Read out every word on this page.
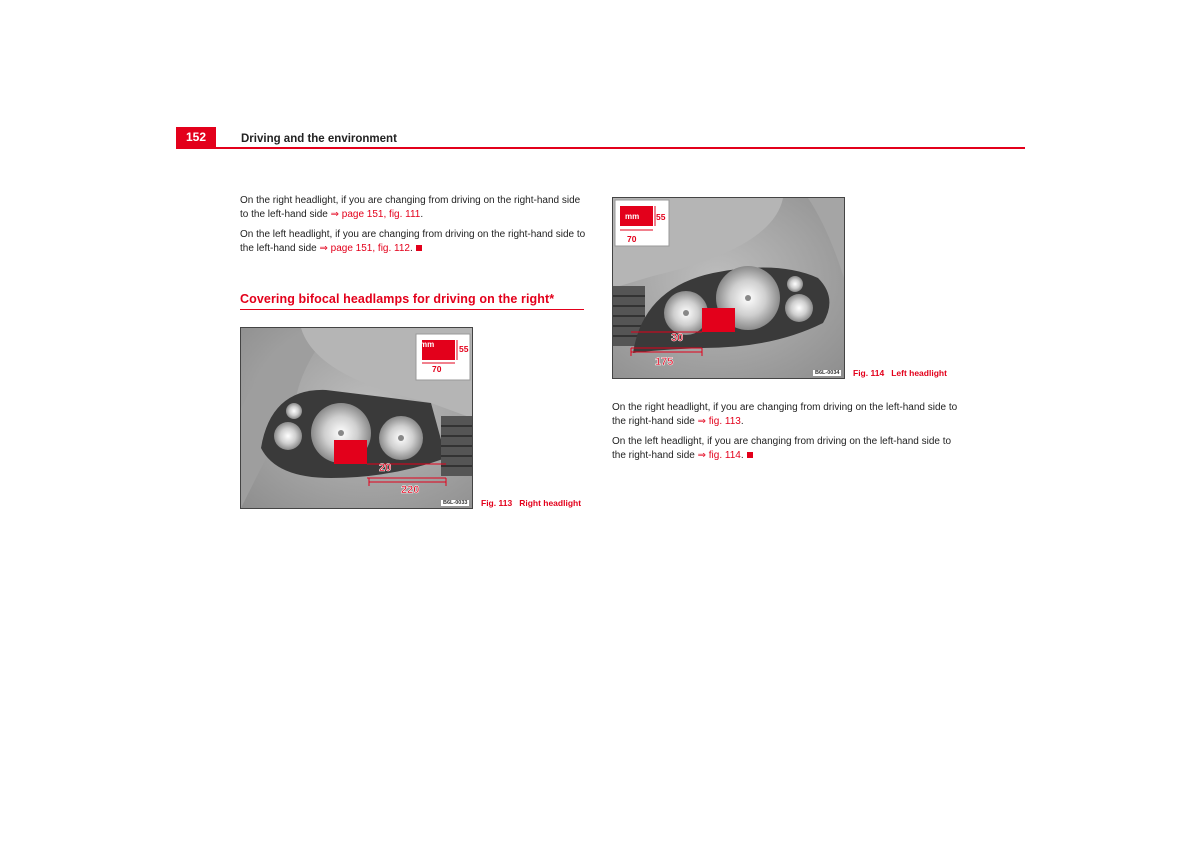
152	Driving and the environment
On the right headlight, if you are changing from driving on the right-hand side to the left-hand side ⇒ page 151, fig. 111.
On the left headlight, if you are changing from driving on the right-hand side to the left-hand side ⇒ page 151, fig. 112.
Covering bifocal headlamps for driving on the right*
mm	55
70
20
220
B6L-0033 Fig. 113 Right headlight
mm 55
70
30
175
B6L-0034 Fig. 114 Left headlight
On the right headlight, if you are changing from driving on the left-hand side to the right-hand side ⇒ fig. 113.
On the left headlight, if you are changing from driving on the left-hand side to the right-hand side ⇒ fig. 114.
